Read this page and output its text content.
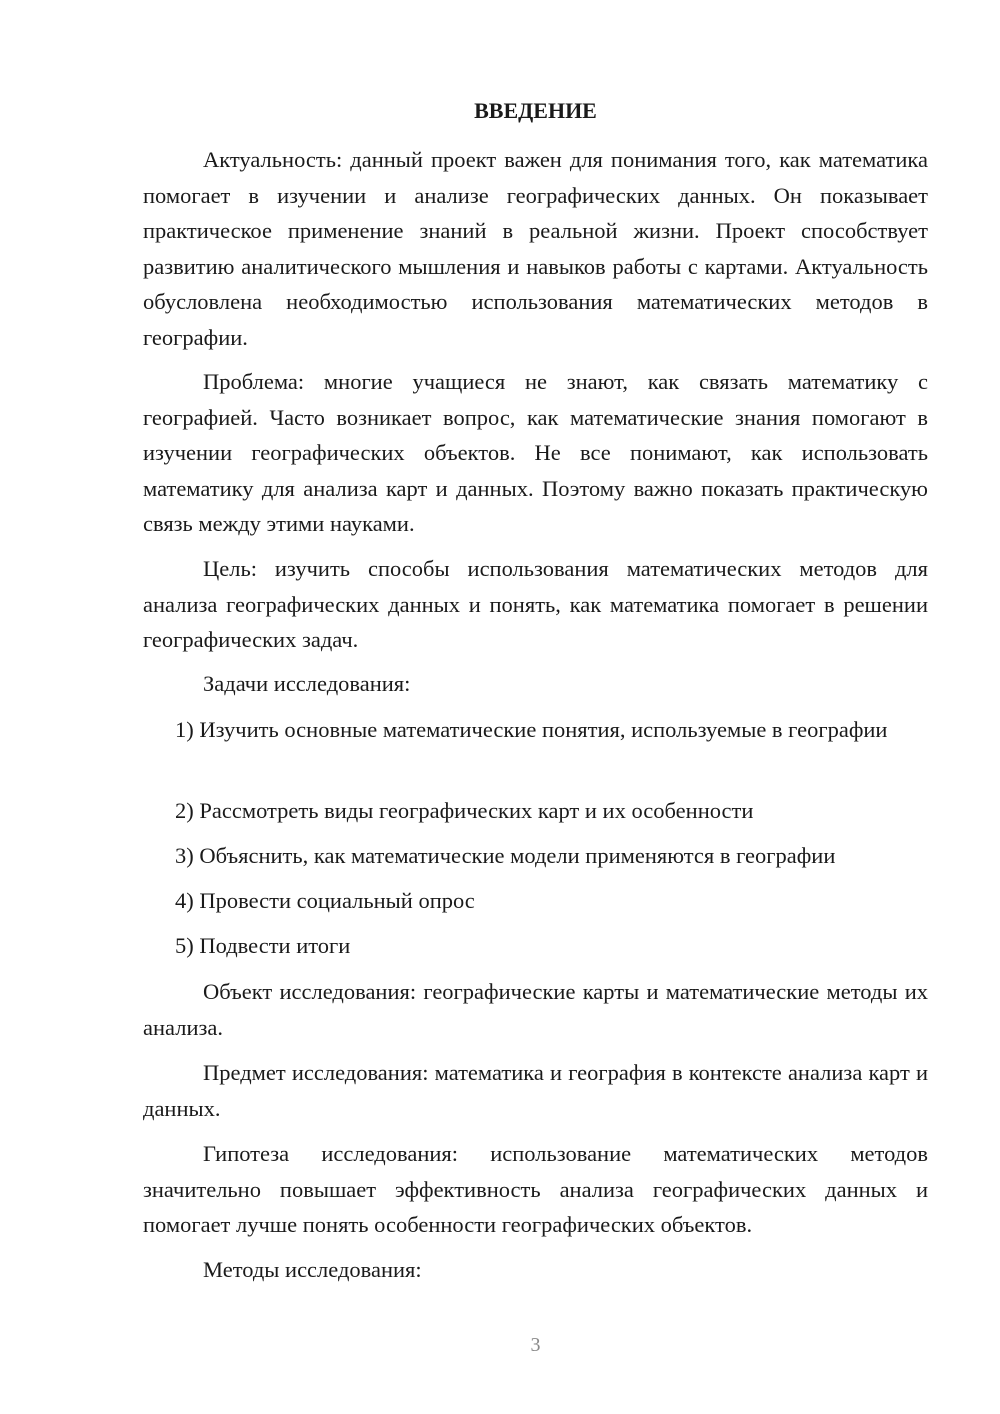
ВВЕДЕНИЕ

Актуальность: данный проект важен для понимания того, как математика помогает в изучении и анализе географических данных. Он показывает практическое применение знаний в реальной жизни. Проект способствует развитию аналитического мышления и навыков работы с картами. Актуальность обусловлена необходимостью использования математических методов в географии.

Проблема: многие учащиеся не знают, как связать математику с географией. Часто возникает вопрос, как математические знания помогают в изучении географических объектов. Не все понимают, как использовать математику для анализа карт и данных. Поэтому важно показать практическую связь между этими науками.

Цель: изучить способы использования математических методов для анализа географических данных и понять, как математика помогает в решении географических задач.

Задачи исследования:

1) Изучить основные математические понятия, используемые в географии

2) Рассмотреть виды географических карт и их особенности

3) Объяснить, как математические модели применяются в географии

4) Провести социальный опрос

5) Подвести итоги

Объект исследования: географические карты и математические методы их анализа.

Предмет исследования: математика и география в контексте анализа карт и данных.

Гипотеза исследования: использование математических методов значительно повышает эффективность анализа географических данных и помогает лучше понять особенности географических объектов.

Методы исследования:

3
